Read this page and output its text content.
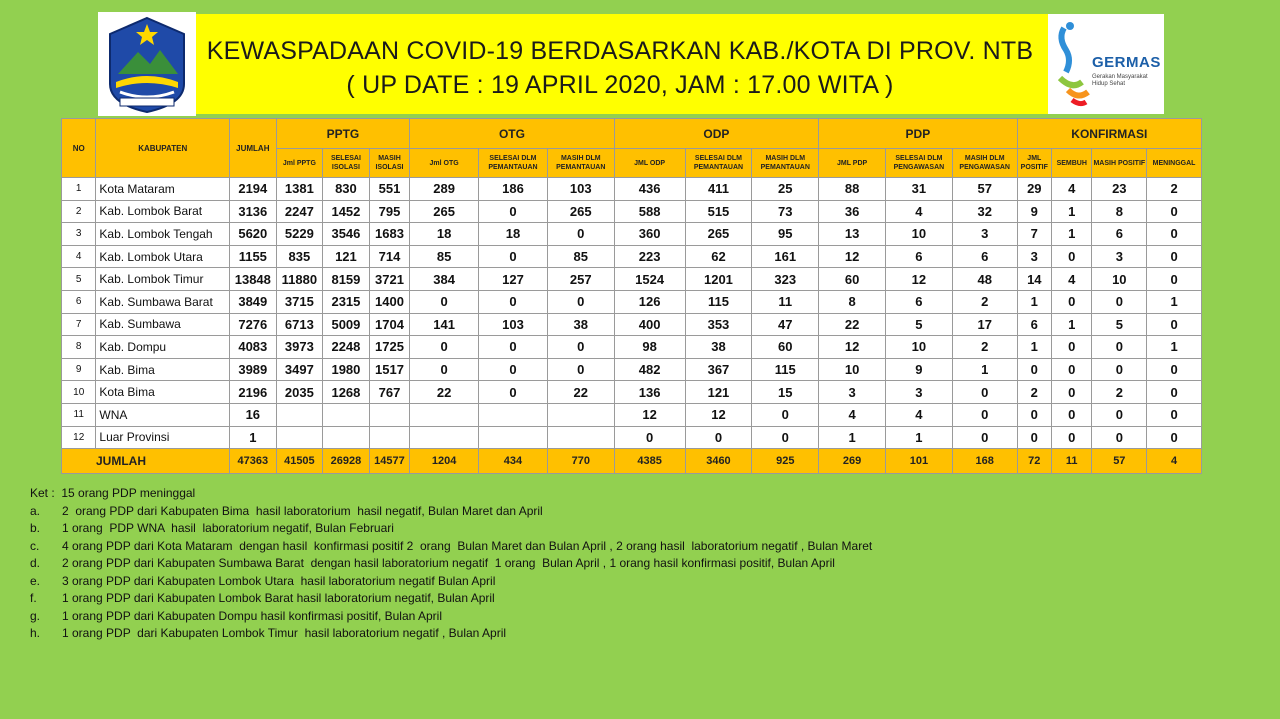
GERMAS
Gerakan Masyarakat Hidup Sehat
KEWASPADAAN COVID-19 BERDASARKAN KAB./KOTA DI PROV. NTB
( UP DATE : 19 APRIL 2020, JAM : 17.00 WITA )
NO	KABUPATEN	JUMLAH	PPTG			OTG			ODP			PDP			KONFIRMASI			
			Jml PPTG	SELESAI ISOLASI	MASIH ISOLASI	Jml OTG	SELESAI DLM PEMANTAUAN	MASIH DLM PEMANTAUAN	JML ODP	SELESAI DLM PEMANTAUAN	MASIH DLM PEMANTAUAN	JML PDP	SELESAI DLM PENGAWASAN	MASIH DLM PENGAWASAN	JML POSITIF	SEMBUH	MASIH POSITIF	MENINGGAL
1	Kota Mataram	2194	1381	830	551	289	186	103	436	411	25	88	31	57	29	4	23	2
2	Kab. Lombok Barat	3136	2247	1452	795	265	0	265	588	515	73	36	4	32	9	1	8	0
3	Kab. Lombok Tengah	5620	5229	3546	1683	18	18	0	360	265	95	13	10	3	7	1	6	0
4	Kab. Lombok Utara	1155	835	121	714	85	0	85	223	62	161	12	6	6	3	0	3	0
5	Kab. Lombok Timur	13848	11880	8159	3721	384	127	257	1524	1201	323	60	12	48	14	4	10	0
6	Kab. Sumbawa Barat	3849	3715	2315	1400	0	0	0	126	115	11	8	6	2	1	0	0	1
7	Kab. Sumbawa	7276	6713	5009	1704	141	103	38	400	353	47	22	5	17	6	1	5	0
8	Kab. Dompu	4083	3973	2248	1725	0	0	0	98	38	60	12	10	2	1	0	0	1
9	Kab. Bima	3989	3497	1980	1517	0	0	0	482	367	115	10	9	1	0	0	0	0
10	Kota Bima	2196	2035	1268	767	22	0	22	136	121	15	3	3	0	2	0	2	0
11	WNA	16							12	12	0	4	4	0	0	0	0	0
12	Luar Provinsi	1							0	0	0	1	1	0	0	0	0	0
JUMLAH		47363	41505	26928	14577	1204	434	770	4385	3460	925	269	101	168	72	11	57	4
Ket :  15 orang PDP meninggal
a.	2  orang PDP dari Kabupaten Bima  hasil laboratorium  hasil negatif, Bulan Maret dan April
b.	1 orang  PDP WNA  hasil  laboratorium negatif, Bulan Februari
c.	4 orang PDP dari Kota Mataram  dengan hasil  konfirmasi positif 2  orang  Bulan Maret dan Bulan April , 2 orang hasil  laboratorium negatif , Bulan Maret
d.	2 orang PDP dari Kabupaten Sumbawa Barat  dengan hasil laboratorium negatif  1 orang  Bulan April , 1 orang hasil konfirmasi positif, Bulan April
e.	3 orang PDP dari Kabupaten Lombok Utara  hasil laboratorium negatif Bulan April
f.	1 orang PDP dari Kabupaten Lombok Barat hasil laboratorium negatif, Bulan April
g.	1 orang PDP dari Kabupaten Dompu hasil konfirmasi positif, Bulan April
h.	1 orang PDP  dari Kabupaten Lombok Timur  hasil laboratorium negatif , Bulan April
